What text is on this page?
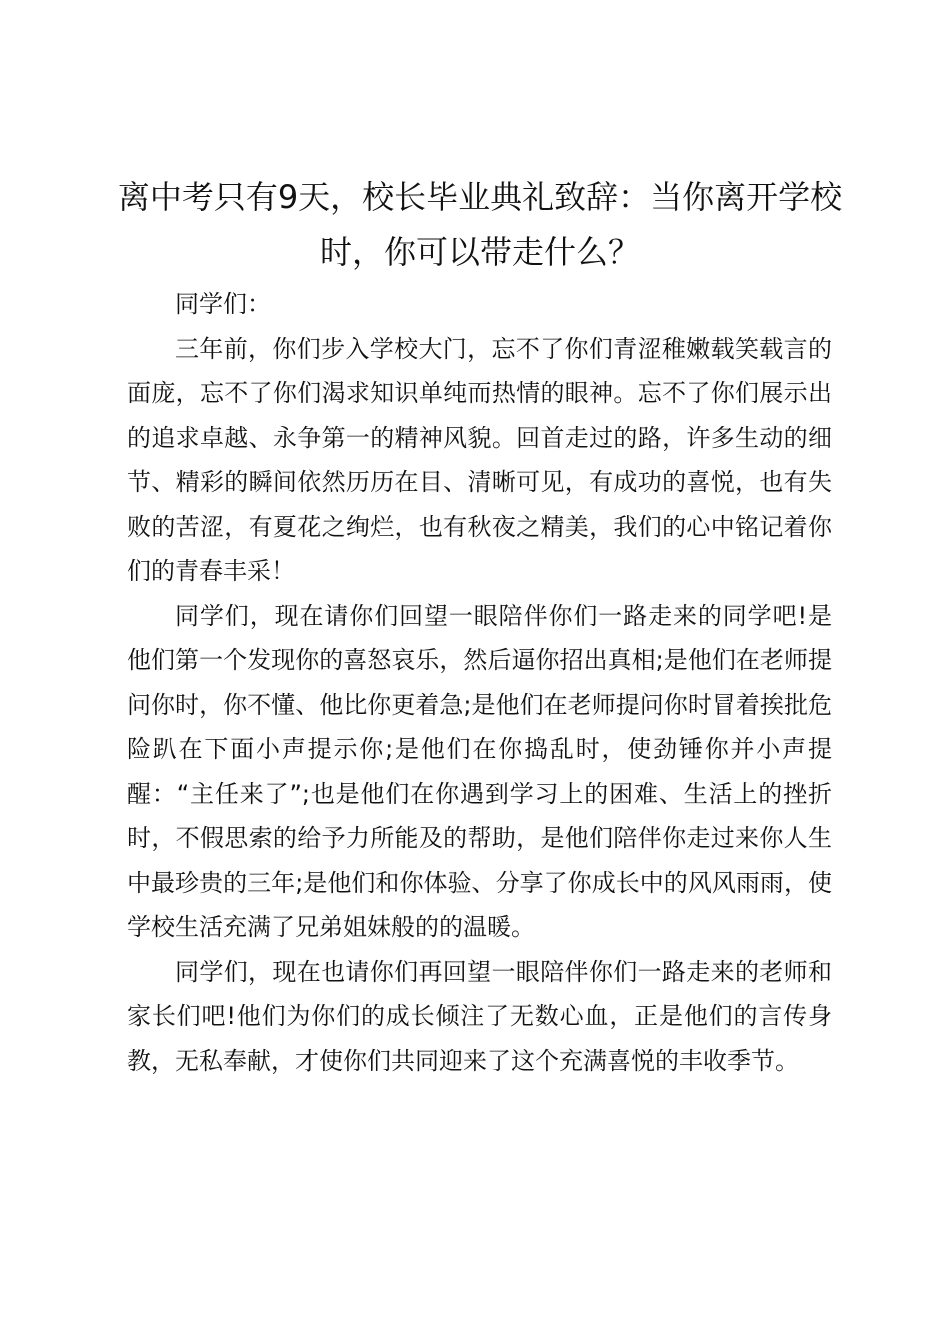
离中考只有9天，校长毕业典礼致辞：当你离开学校时，你可以带走什么？

同学们：

三年前，你们步入学校大门，忘不了你们青涩稚嫩载笑载言的面庞，忘不了你们渴求知识单纯而热情的眼神。忘不了你们展示出的追求卓越、永争第一的精神风貌。回首走过的路，许多生动的细节、精彩的瞬间依然历历在目、清晰可见，有成功的喜悦，也有失败的苦涩，有夏花之绚烂，也有秋夜之精美，我们的心中铭记着你们的青春丰采！

同学们，现在请你们回望一眼陪伴你们一路走来的同学吧!是他们第一个发现你的喜怒哀乐，然后逼你招出真相;是他们在老师提问你时，你不懂、他比你更着急;是他们在老师提问你时冒着挨批危险趴在下面小声提示你;是他们在你捣乱时，使劲锤你并小声提醒：“主任来了”;也是他们在你遇到学习上的困难、生活上的挫折时，不假思索的给予力所能及的帮助，是他们陪伴你走过来你人生中最珍贵的三年;是他们和你体验、分享了你成长中的风风雨雨，使学校生活充满了兄弟姐妹般的的温暖。

同学们，现在也请你们再回望一眼陪伴你们一路走来的老师和家长们吧!他们为你们的成长倾注了无数心血，正是他们的言传身教，无私奉献，才使你们共同迎来了这个充满喜悦的丰收季节。
